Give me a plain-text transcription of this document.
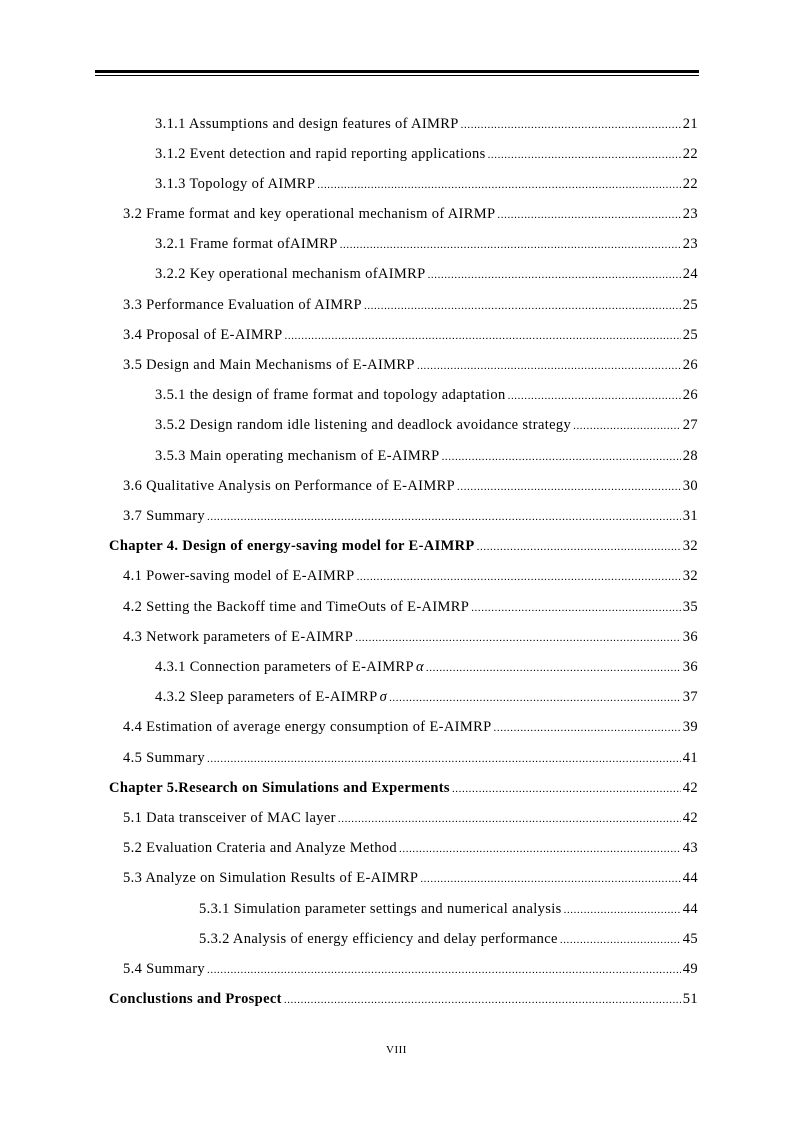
3.1.1 Assumptions and design features of AIMRP .....	21
3.1.2 Event detection and rapid reporting applications .....	22
3.1.3 Topology of AIMRP .....	22
3.2 Frame format and key operational mechanism of AIRMP .....	23
3.2.1 Frame format ofAIMRP .....	23
3.2.2 Key operational mechanism ofAIMRP .....	24
3.3 Performance Evaluation of AIMRP .....	25
3.4 Proposal of E-AIMRP .....	25
3.5 Design and Main Mechanisms of E-AIMRP .....	26
3.5.1 the design of frame format and topology adaptation .....	26
3.5.2 Design random idle listening and deadlock avoidance strategy .....	27
3.5.3 Main operating mechanism of E-AIMRP .....	28
3.6 Qualitative Analysis on Performance of E-AIMRP .....	30
3.7 Summary .....	31
Chapter 4. Design of energy-saving model for E-AIMRP .....	32
4.1 Power-saving model of E-AIMRP .....	32
4.2 Setting the Backoff time and TimeOuts of E-AIMRP .....	35
4.3 Network parameters of E-AIMRP .....	36
4.3.1 Connection parameters of E-AIMRP α .....	36
4.3.2 Sleep parameters of E-AIMRP σ .....	37
4.4 Estimation of average energy consumption of E-AIMRP .....	39
4.5 Summary .....	41
Chapter 5.Research on Simulations and Experments .....	42
5.1 Data transceiver of MAC layer .....	42
5.2 Evaluation Crateria and Analyze Method .....	43
5.3 Analyze on Simulation Results of E-AIMRP .....	44
5.3.1 Simulation parameter settings and numerical analysis .....	44
5.3.2 Analysis of energy efficiency and delay performance .....	45
5.4 Summary .....	49
Conclustions and Prospect .....	51
VIII
